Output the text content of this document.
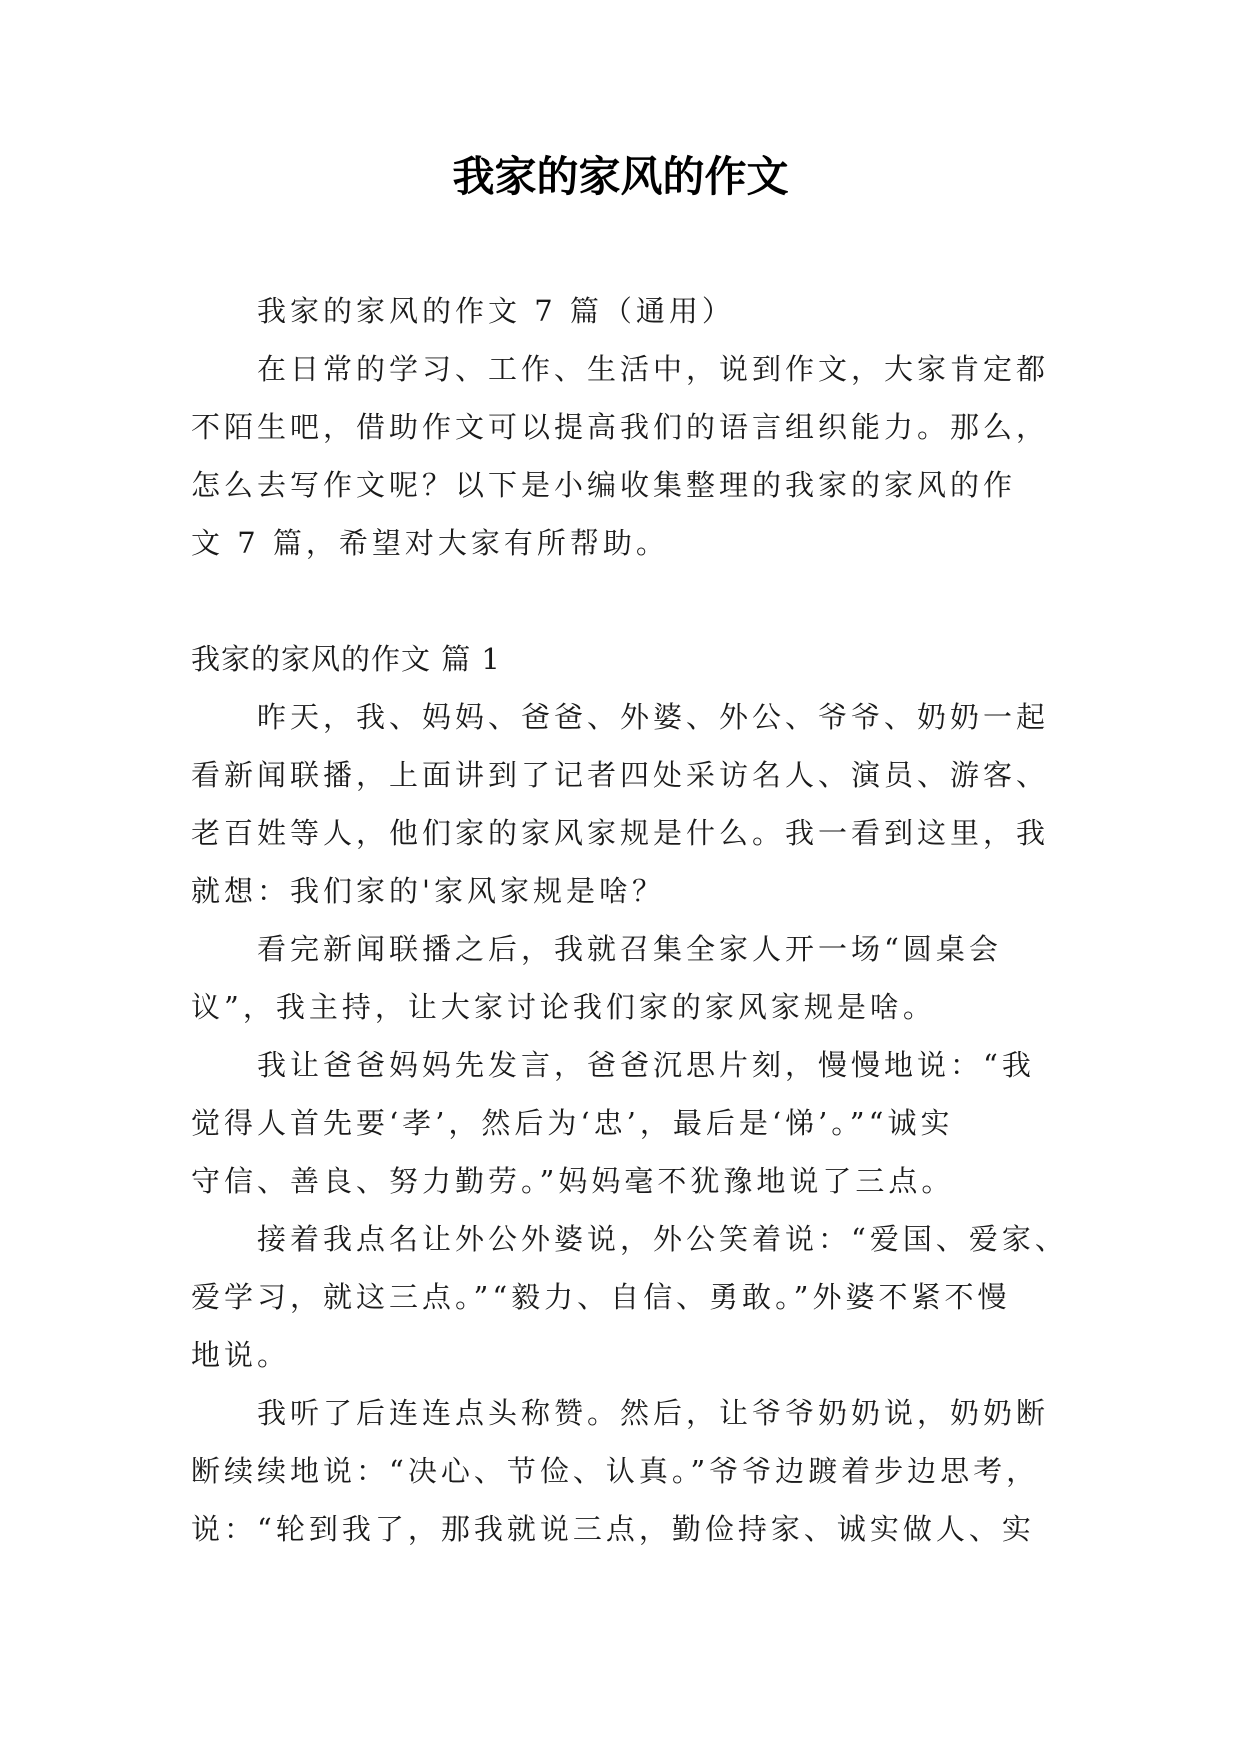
我家的家风的作文
我家的家风的作文 7 篇（通用）
在日常的学习、工作、生活中，说到作文，大家肯定都
不陌生吧，借助作文可以提高我们的语言组织能力。那么，
怎么去写作文呢？以下是小编收集整理的我家的家风的作
文 7 篇，希望对大家有所帮助。
我家的家风的作文 篇 1
昨天，我、妈妈、爸爸、外婆、外公、爷爷、奶奶一起
看新闻联播，上面讲到了记者四处采访名人、演员、游客、
老百姓等人，他们家的家风家规是什么。我一看到这里，我
就想：我们家的'家风家规是啥？
看完新闻联播之后，我就召集全家人开一场“圆桌会
议”，我主持，让大家讨论我们家的家风家规是啥。
我让爸爸妈妈先发言，爸爸沉思片刻，慢慢地说：“我
觉得人首先要‘孝’，然后为‘忠’，最后是‘悌’。”“诚实
守信、善良、努力勤劳。”妈妈毫不犹豫地说了三点。
接着我点名让外公外婆说，外公笑着说：“爱国、爱家、
爱学习，就这三点。”“毅力、自信、勇敢。”外婆不紧不慢
地说。
我听了后连连点头称赞。然后，让爷爷奶奶说，奶奶断
断续续地说：“决心、节俭、认真。”爷爷边踱着步边思考，
说：“轮到我了，那我就说三点，勤俭持家、诚实做人、实
